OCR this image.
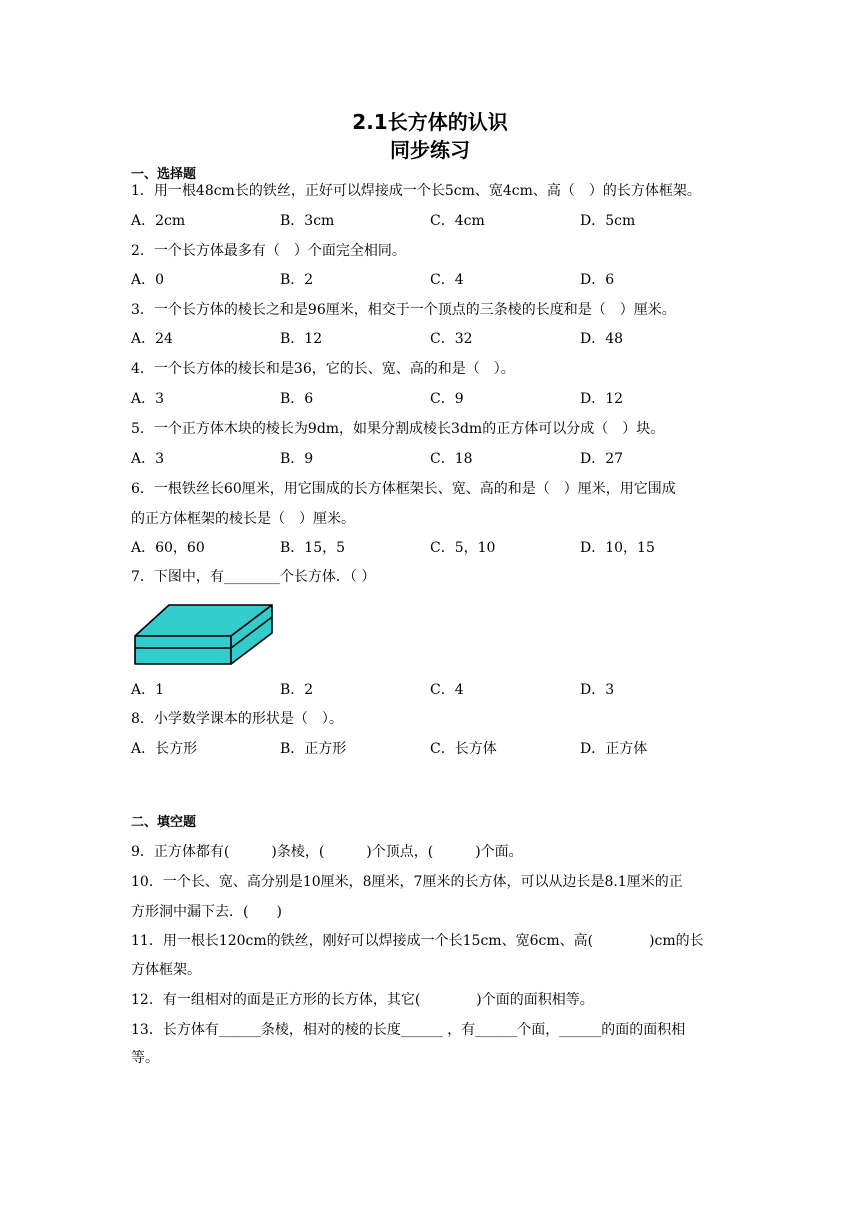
2.1长方体的认识
同步练习
一、选择题
1．用一根48cm长的铁丝，正好可以焊接成一个长5cm、宽4cm、高（　）的长方体框架。
A．2cm	B．3cm	C．4cm	D．5cm
2．一个长方体最多有（　）个面完全相同。
A．0	B．2	C．4	D．6
3．一个长方体的棱长之和是96厘米，相交于一个顶点的三条棱的长度和是（　）厘米。
A．24	B．12	C．32	D．48
4．一个长方体的棱长和是36，它的长、宽、高的和是（　）。
A．3	B．6	C．9	D．12
5．一个正方体木块的棱长为9dm，如果分割成棱长3dm的正方体可以分成（　）块。
A．3	B．9	C．18	D．27
6．一根铁丝长60厘米，用它围成的长方体框架长、宽、高的和是（　）厘米，用它围成
的正方体框架的棱长是（　）厘米。
A．60，60	B．15，5	C．5，10	D．10，15
7．下图中，有________个长方体．（ ）
A．1	B．2	C．4	D．3
8．小学数学课本的形状是（　）。
A．长方形	B．正方形	C．长方体	D．正方体
二、填空题
9．正方体都有(　　　)条棱，(　　　)个顶点，(　　　)个面。
10．一个长、宽、高分别是10厘米，8厘米，7厘米的长方体，可以从边长是8.1厘米的正
方形洞中漏下去．(　　)
11．用一根长120cm的铁丝，刚好可以焊接成一个长15cm、宽6cm、高(　　　　)cm的长
方体框架。
12．有一组相对的面是正方形的长方体，其它(　　　　)个面的面积相等。
13．长方体有______条棱，相对的棱的长度______ ，有______个面，______的面的面积相
等。
